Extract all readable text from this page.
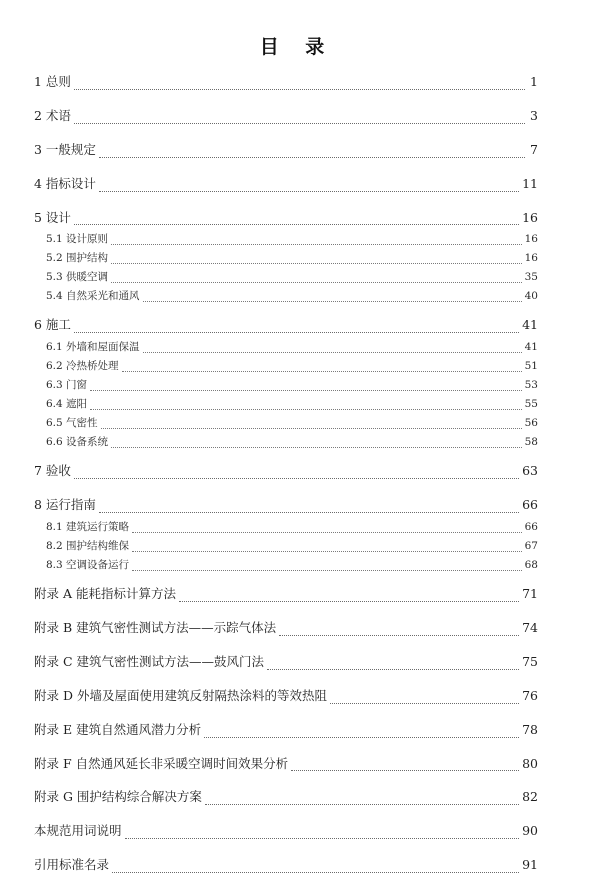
目 录
1 总则	1
2 术语	3
3 一般规定	7
4 指标设计	11
5 设计	16
5.1 设计原则	16
5.2 围护结构	16
5.3 供暖空调	35
5.4 自然采光和通风	40
6 施工	41
6.1 外墙和屋面保温	41
6.2 冷热桥处理	51
6.3 门窗	53
6.4 遮阳	55
6.5 气密性	56
6.6 设备系统	58
7 验收	63
8 运行指南	66
8.1 建筑运行策略	66
8.2 围护结构维保	67
8.3 空调设备运行	68
附录 A 能耗指标计算方法	71
附录 B 建筑气密性测试方法——示踪气体法	74
附录 C 建筑气密性测试方法——鼓风门法	75
附录 D 外墙及屋面使用建筑反射隔热涂料的等效热阻	76
附录 E 建筑自然通风潜力分析	78
附录 F 自然通风延长非采暖空调时间效果分析	80
附录 G 围护结构综合解决方案	82
本规范用词说明	90
引用标准名录	91
